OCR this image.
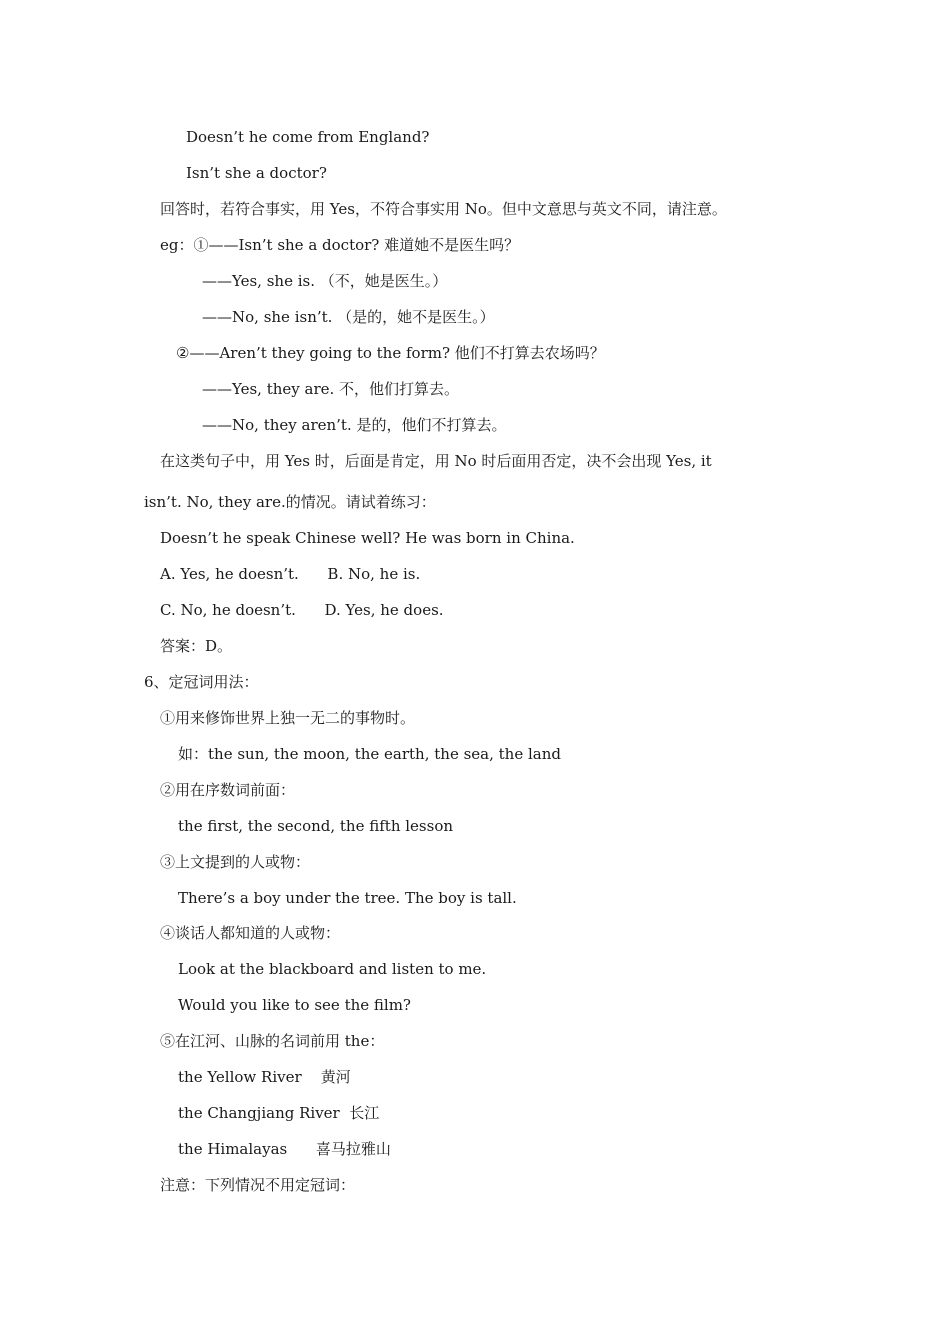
Doesn’t he come from England?
Isn’t she a doctor?
回答时，若符合事实，用 Yes，不符合事实用 No。但中文意思与英文不同，请注意。
eg：①——Isn’t she a doctor? 难道她不是医生吗？
——Yes, she is. （不，她是医生。）
——No, she isn’t. （是的，她不是医生。）
②——Aren’t they going to the form? 他们不打算去农场吗？
——Yes, they are. 不，他们打算去。
——No, they aren’t. 是的，他们不打算去。
在这类句子中，用 Yes 时，后面是肯定，用 No 时后面用否定，决不会出现 Yes, it
isn’t. No, they are.的情况。请试着练习：
Doesn’t he speak Chinese well? He was born in China.
A. Yes, he doesn’t.      B. No, he is.
C. No, he doesn’t.      D. Yes, he does.
答案：D。
6、定冠词用法：
①用来修饰世界上独一无二的事物时。
如：the sun, the moon, the earth, the sea, the land
②用在序数词前面：
the first, the second, the fifth lesson
③上文提到的人或物：
There’s a boy under the tree. The boy is tall.
④谈话人都知道的人或物：
Look at the blackboard and listen to me.
Would you like to see the film?
⑤在江河、山脉的名词前用 the：
the Yellow River    黄河
the Changjiang River  长江
the Himalayas      喜马拉雅山
注意：下列情况不用定冠词：
